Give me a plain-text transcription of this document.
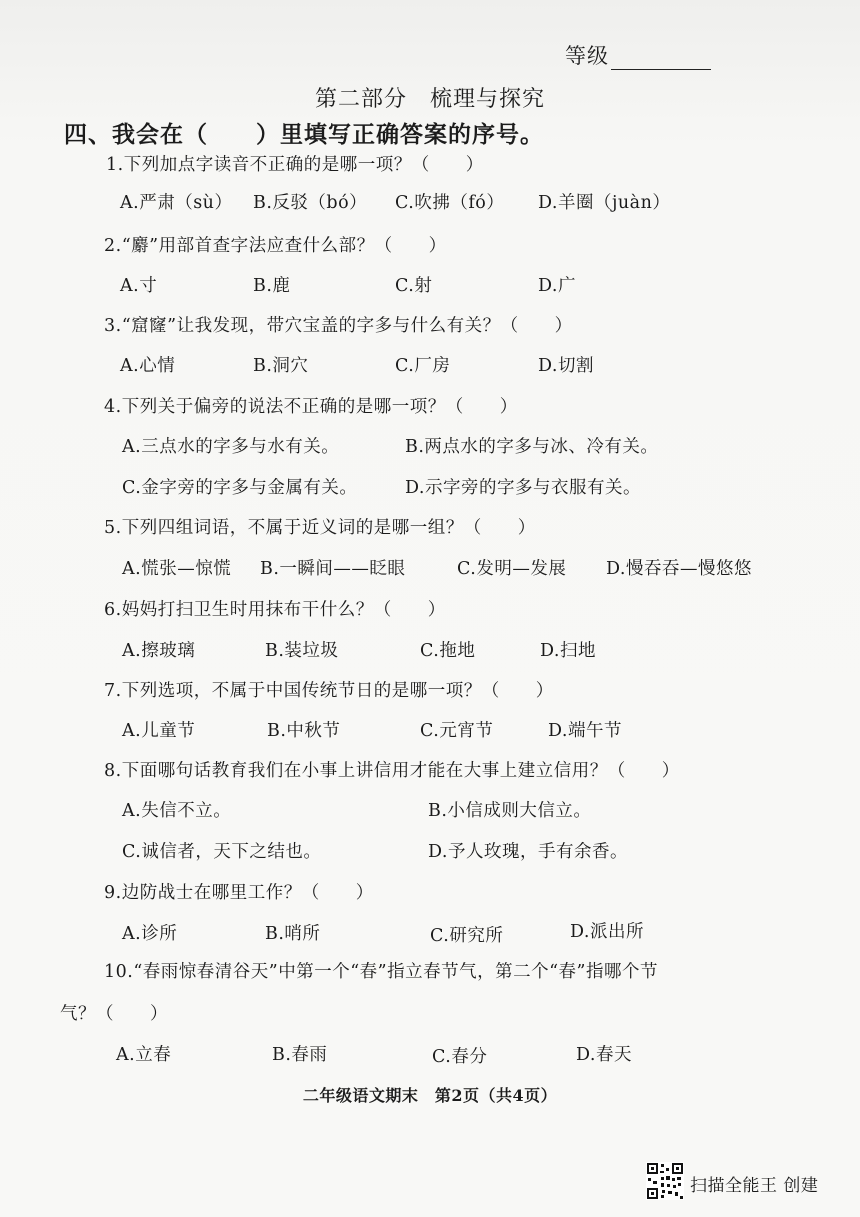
等级
第二部分　梳理与探究
四、我会在（　　）里填写正确答案的序号。
1.下列加点字读音不正确的是哪一项？（　　）
A.严肃（sù） B.反驳（bó） C.吹拂（fó） D.羊圈（juàn）
2.“麝”用部首查字法应查什么部？（　　）
A.寸	B.鹿	C.射	D.广
3.“窟窿”让我发现，带穴宝盖的字多与什么有关？（　　）
A.心情	B.洞穴	C.厂房	D.切割
4.下列关于偏旁的说法不正确的是哪一项？（　　）
A.三点水的字多与水有关。	B.两点水的字多与冰、冷有关。
C.金字旁的字多与金属有关。	D.示字旁的字多与衣服有关。
5.下列四组词语，不属于近义词的是哪一组？（　　）
A.慌张—惊慌 B.一瞬间——眨眼	C.发明—发展 D.慢吞吞—慢悠悠
6.妈妈打扫卫生时用抹布干什么？（　　）
A.擦玻璃	B.装垃圾	C.拖地	D.扫地
7.下列选项，不属于中国传统节日的是哪一项？（　　）
A.儿童节	B.中秋节	C.元宵节	D.端午节
8.下面哪句话教育我们在小事上讲信用才能在大事上建立信用？（　　）
A.失信不立。	B.小信成则大信立。
C.诚信者，天下之结也。	D.予人玫瑰，手有余香。
9.边防战士在哪里工作？（　　）
A.诊所	B.哨所	C.研究所	D.派出所
10.“春雨惊春清谷天”中第一个“春”指立春节气，第二个“春”指哪个节
气？（　　）
A.立春	B.春雨	C.春分	D.春天
二年级语文期末　第2页（共4页）
扫描全能王 创建
